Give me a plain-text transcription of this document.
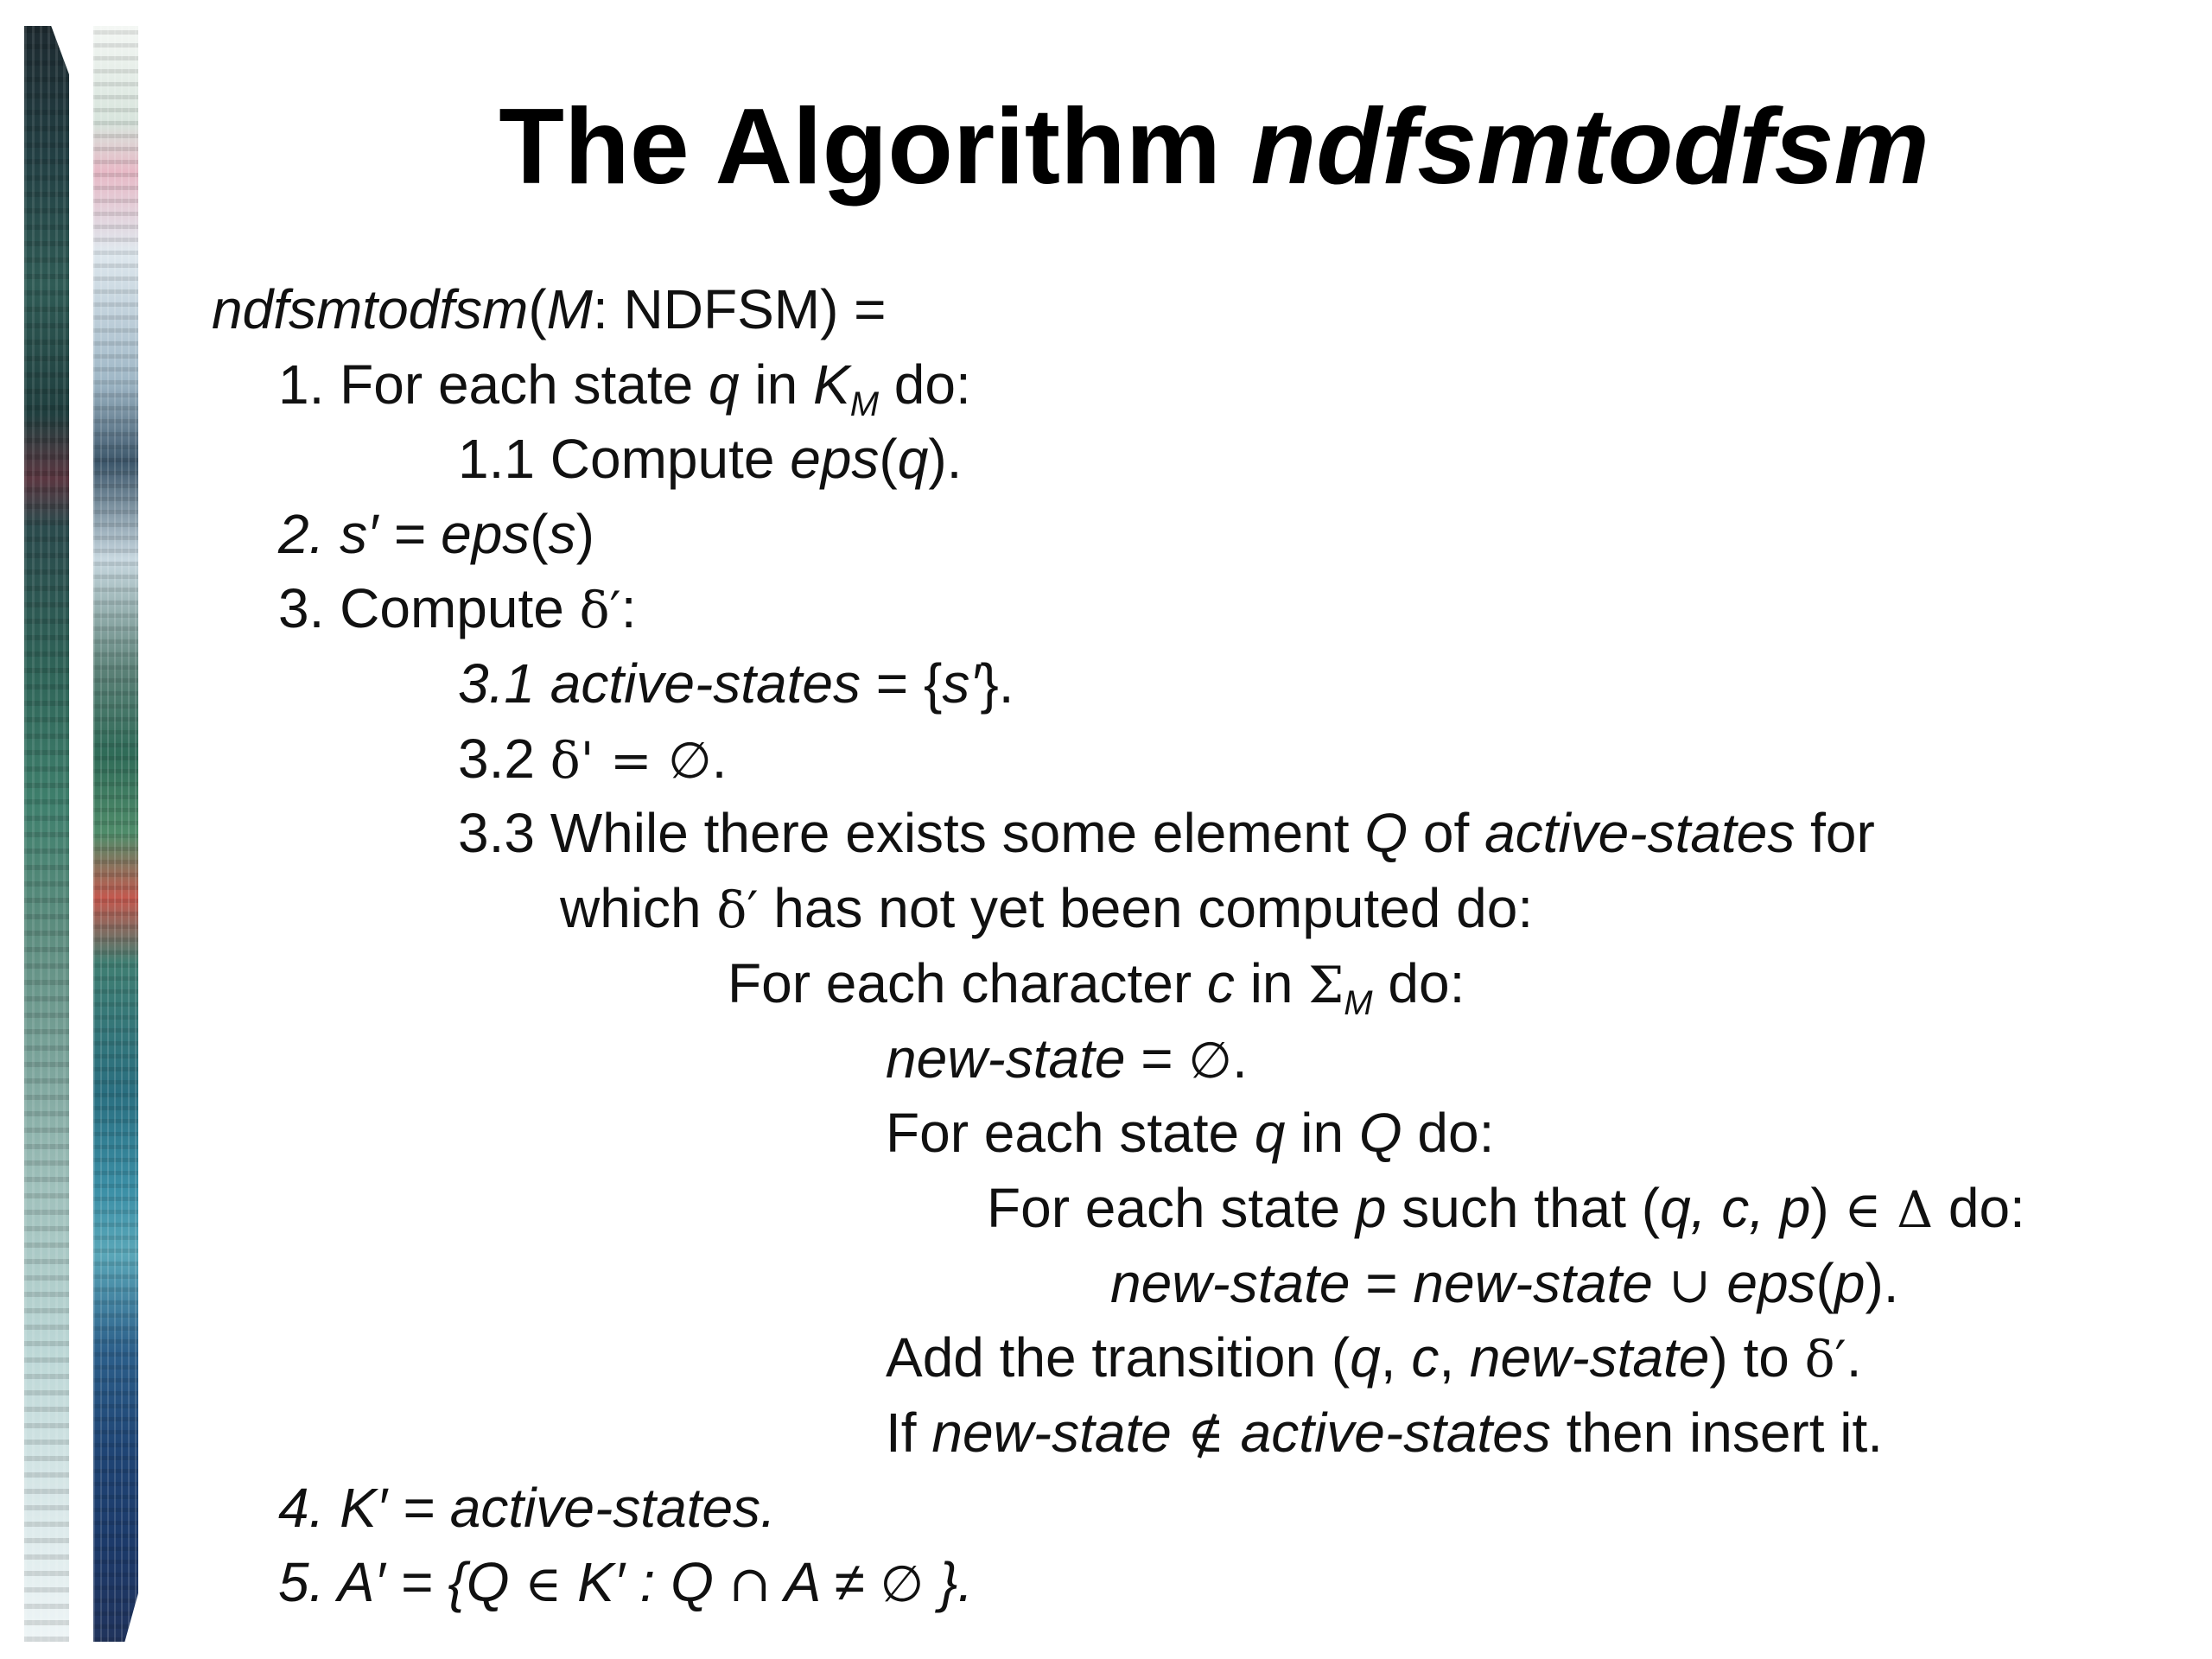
The Algorithm ndfsmtodfsm
ndfsmtodfsm(M: NDFSM) =
1. For each state q in $K_M$ do:
1.1 Compute eps(q).
2. s′ = eps(s)
3. Compute δ′:
3.1 active-states = {s′}.
3.2 δ' = ∅.
3.3 While there exists some element Q of active-states for
which δ′ has not yet been computed do:
For each character c in $\Sigma_M$ do:
new-state = ∅.
For each state q in Q do:
For each state p such that (q, c, p) ∈ Δ do:
new-state = new-state ∪ eps(p).
Add the transition (q, c, new-state) to δ′.
If new-state ∉ active-states then insert it.
4. K′ = active-states.
5. A′ = {Q ∈ K′ : Q ∩ A ≠ ∅ }.
